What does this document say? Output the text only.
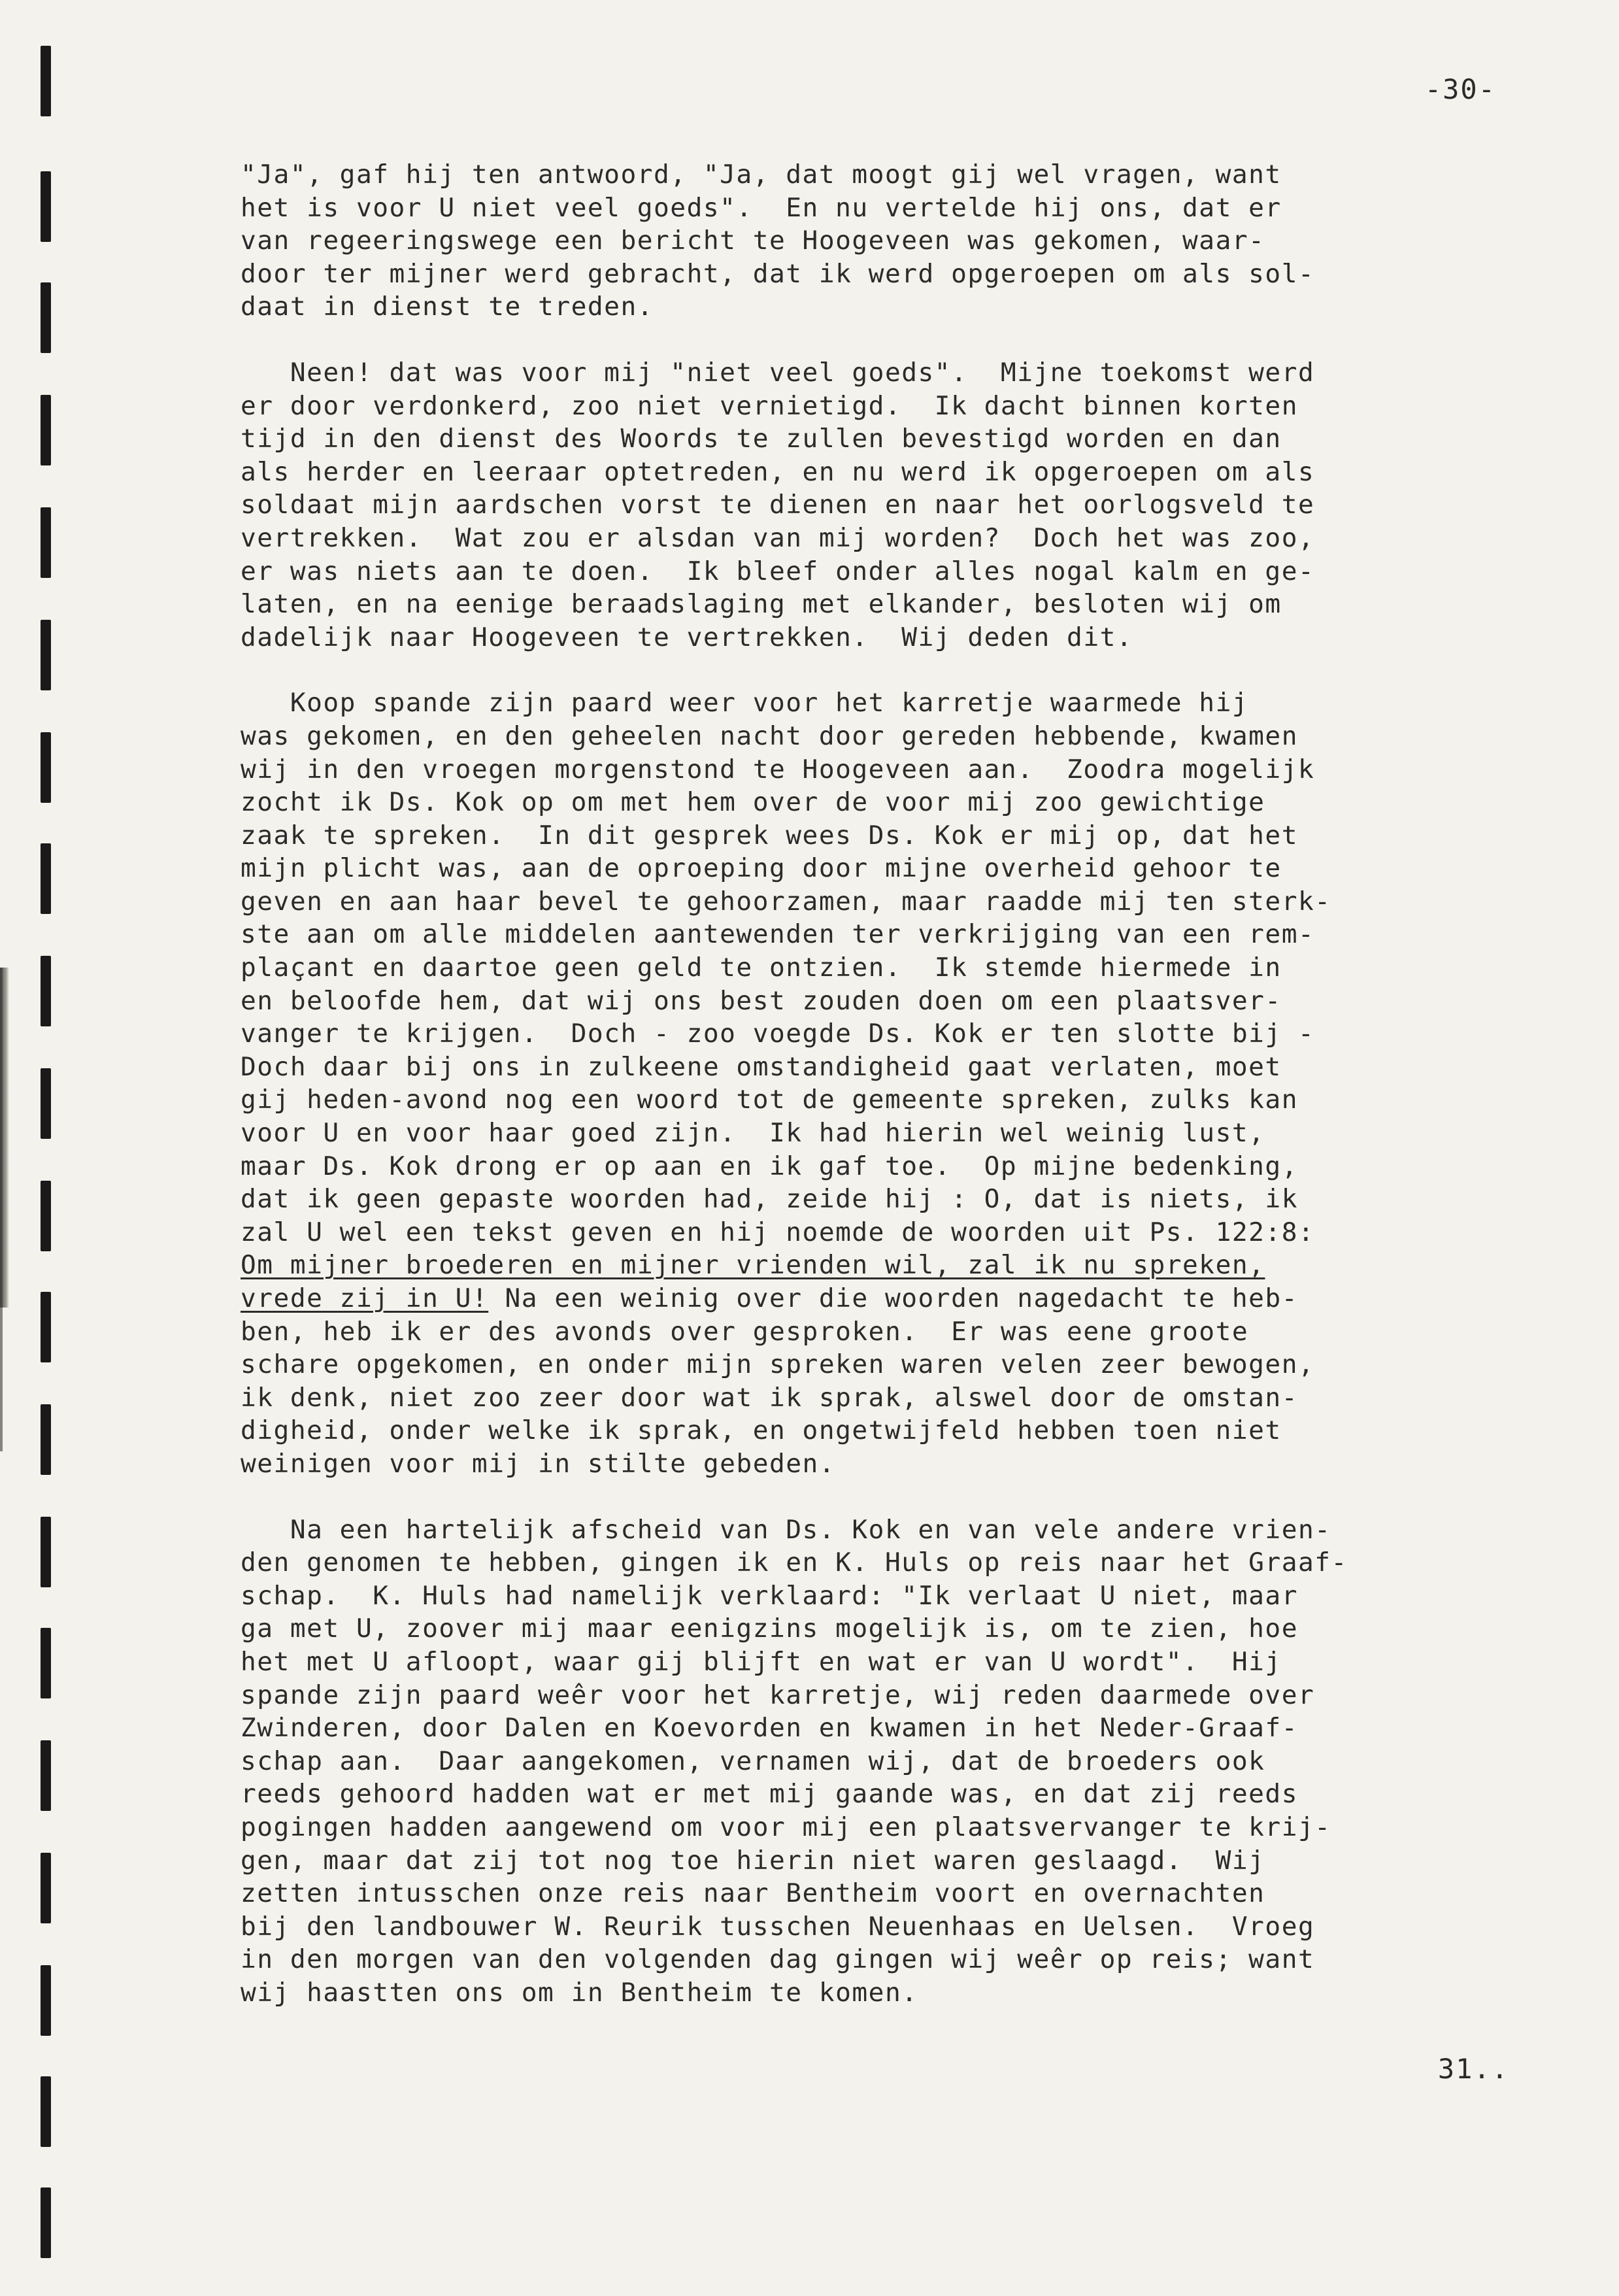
-30-
"Ja", gaf hij ten antwoord, "Ja, dat moogt gij wel vragen, want
het is voor U niet veel goeds".  En nu vertelde hij ons, dat er
van regeeringswege een bericht te Hoogeveen was gekomen, waar-
door ter mijner werd gebracht, dat ik werd opgeroepen om als sol-
daat in dienst te treden.
Neen! dat was voor mij "niet veel goeds".  Mijne toekomst werd
er door verdonkerd, zoo niet vernietigd.  Ik dacht binnen korten
tijd in den dienst des Woords te zullen bevestigd worden en dan
als herder en leeraar optetreden, en nu werd ik opgeroepen om als
soldaat mijn aardschen vorst te dienen en naar het oorlogsveld te
vertrekken.  Wat zou er alsdan van mij worden?  Doch het was zoo,
er was niets aan te doen.  Ik bleef onder alles nogal kalm en ge-
laten, en na eenige beraadslaging met elkander, besloten wij om
dadelijk naar Hoogeveen te vertrekken.  Wij deden dit.
Koop spande zijn paard weer voor het karretje waarmede hij
was gekomen, en den geheelen nacht door gereden hebbende, kwamen
wij in den vroegen morgenstond te Hoogeveen aan.  Zoodra mogelijk
zocht ik Ds. Kok op om met hem over de voor mij zoo gewichtige
zaak te spreken.  In dit gesprek wees Ds. Kok er mij op, dat het
mijn plicht was, aan de oproeping door mijne overheid gehoor te
geven en aan haar bevel te gehoorzamen, maar raadde mij ten sterk-
ste aan om alle middelen aantewenden ter verkrijging van een rem-
plaçant en daartoe geen geld te ontzien.  Ik stemde hiermede in
en beloofde hem, dat wij ons best zouden doen om een plaatsver-
vanger te krijgen.  Doch - zoo voegde Ds. Kok er ten slotte bij -
Doch daar bij ons in zulkeene omstandigheid gaat verlaten, moet
gij heden-avond nog een woord tot de gemeente spreken, zulks kan
voor U en voor haar goed zijn.  Ik had hierin wel weinig lust,
maar Ds. Kok drong er op aan en ik gaf toe.  Op mijne bedenking,
dat ik geen gepaste woorden had, zeide hij : O, dat is niets, ik
zal U wel een tekst geven en hij noemde de woorden uit Ps. 122:8:
Om mijner broederen en mijner vrienden wil, zal ik nu spreken,
vrede zij in U! Na een weinig over die woorden nagedacht te heb-
ben, heb ik er des avonds over gesproken.  Er was eene groote
schare opgekomen, en onder mijn spreken waren velen zeer bewogen,
ik denk, niet zoo zeer door wat ik sprak, alswel door de omstan-
digheid, onder welke ik sprak, en ongetwijfeld hebben toen niet
weinigen voor mij in stilte gebeden.
Na een hartelijk afscheid van Ds. Kok en van vele andere vrien-
den genomen te hebben, gingen ik en K. Huls op reis naar het Graaf-
schap.  K. Huls had namelijk verklaard: "Ik verlaat U niet, maar
ga met U, zoover mij maar eenigzins mogelijk is, om te zien, hoe
het met U afloopt, waar gij blijft en wat er van U wordt".  Hij
spande zijn paard weêr voor het karretje, wij reden daarmede over
Zwinderen, door Dalen en Koevorden en kwamen in het Neder-Graaf-
schap aan.  Daar aangekomen, vernamen wij, dat de broeders ook
reeds gehoord hadden wat er met mij gaande was, en dat zij reeds
pogingen hadden aangewend om voor mij een plaatsvervanger te krij-
gen, maar dat zij tot nog toe hierin niet waren geslaagd.  Wij
zetten intusschen onze reis naar Bentheim voort en overnachten
bij den landbouwer W. Reurik tusschen Neuenhaas en Uelsen.  Vroeg
in den morgen van den volgenden dag gingen wij weêr op reis; want
wij haastten ons om in Bentheim te komen.
31..
